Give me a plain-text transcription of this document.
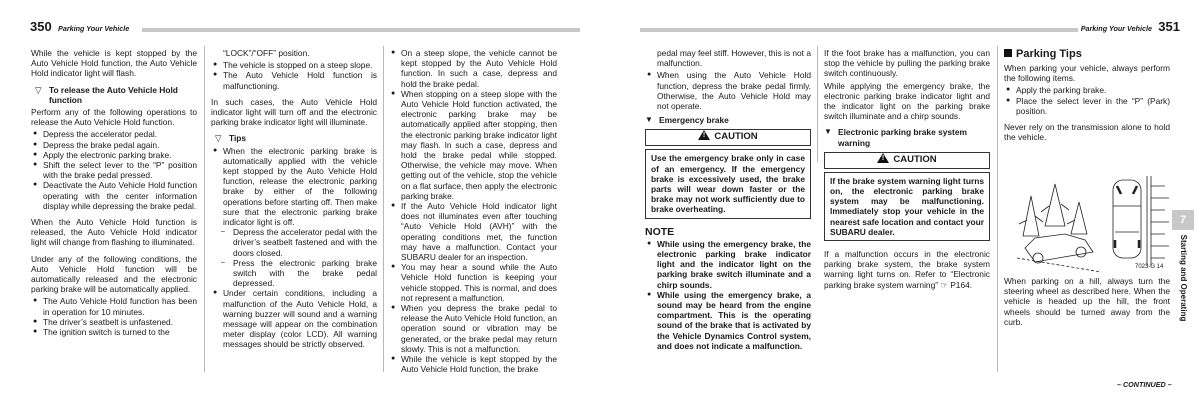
350 Parking Your Vehicle	Parking Your Vehicle 351

While the vehicle is kept stopped by the Auto Vehicle Hold function, the Auto Vehicle Hold indicator light will flash.

▽ To release the Auto Vehicle Hold function

Perform any of the following operations to release the Auto Vehicle Hold function.

● Depress the accelerator pedal.
● Depress the brake pedal again.
● Apply the electronic parking brake.
● Shift the select lever to the “P” position with the brake pedal pressed.
● Deactivate the Auto Vehicle Hold function operating with the center information display while depressing the brake pedal.

When the Auto Vehicle Hold function is released, the Auto Vehicle Hold indicator light will change from flashing to illuminated.

Under any of the following conditions, the Auto Vehicle Hold function will be automatically released and the electronic parking brake will be automatically applied.

● The Auto Vehicle Hold function has been in operation for 10 minutes.
● The driver’s seatbelt is unfastened.
● The ignition switch is turned to the

“LOCK”/“OFF” position.

● The vehicle is stopped on a steep slope.
● The Auto Vehicle Hold function is malfunctioning.

In such cases, the Auto Vehicle Hold indicator light will turn off and the electronic parking brake indicator light will illuminate.

▽ Tips
● When the electronic parking brake is automatically applied with the vehicle kept stopped by the Auto Vehicle Hold function, release the electronic parking brake by either of the following operations before starting off. Then make sure that the electronic parking brake indicator light is off.
– Depress the accelerator pedal with the driver’s seatbelt fastened and with the doors closed.
– Press the electronic parking brake switch with the brake pedal depressed.
● Under certain conditions, including a malfunction of the Auto Vehicle Hold, a warning buzzer will sound and a warning message will appear on the combination meter display (color LCD). All warning messages should be strictly observed.
● On a steep slope, the vehicle cannot be kept stopped by the Auto Vehicle Hold function. In such a case, depress and hold the brake pedal.
● When stopping on a steep slope with the Auto Vehicle Hold function activated, the electronic parking brake may be automatically applied after stopping, then the electronic parking brake indicator light may flash. In such a case, depress and hold the brake pedal while stopped. Otherwise, the vehicle may move. When getting out of the vehicle, stop the vehicle on a flat surface, then apply the electronic parking brake.
● If the Auto Vehicle Hold indicator light does not illuminates even after touching “Auto Vehicle Hold (AVH)” with the operating conditions met, the function may have a malfunction. Contact your SUBARU dealer for an inspection.
● You may hear a sound while the Auto Vehicle Hold function is keeping your vehicle stopped. This is normal, and does not represent a malfunction.
● When you depress the brake pedal to release the Auto Vehicle Hold function, an operation sound or vibration may be generated, or the brake pedal may return slowly. This is not a malfunction.
● While the vehicle is kept stopped by the Auto Vehicle Hold function, the brake

pedal may feel stiff. However, this is not a malfunction.

● When using the Auto Vehicle Hold function, depress the brake pedal firmly. Otherwise, the Auto Vehicle Hold may not operate.
▼ Emergency brake
!CAUTION
Use the emergency brake only in case of an emergency. If the emergency brake is excessively used, the brake parts will wear down faster or the brake may not work sufficiently due to brake overheating.
NOTE
● While using the emergency brake, the electronic parking brake indicator light and the indicator light on the parking brake switch illuminate and a chirp sounds.
● While using the emergency brake, a sound may be heard from the engine compartment. This is the operating sound of the brake that is activated by the Vehicle Dynamics Control system, and does not indicate a malfunction.

If the foot brake has a malfunction, you can stop the vehicle by pulling the parking brake switch continuously.

While applying the emergency brake, the electronic parking brake indicator light and the indicator light on the parking brake switch illuminate and a chirp sounds.

▼ Electronic parking brake system warning
!CAUTION
If the brake system warning light turns on, the electronic parking brake system may be malfunctioning. Immediately stop your vehicle in the nearest safe location and contact your SUBARU dealer.

If a malfunction occurs in the electronic parking brake system, the brake system warning light turns on. Refer to “Electronic parking brake system warning” ☞ P164.

Parking Tips

When parking your vehicle, always perform the following items.

● Apply the parking brake.
● Place the select lever in the “P” (Park) position.

Never rely on the transmission alone to hold the vehicle.

7023-G 14

When parking on a hill, always turn the steering wheel as described here. When the vehicle is headed up the hill, the front wheels should be turned away from the curb.

7
Starting and Operating
– CONTINUED –
